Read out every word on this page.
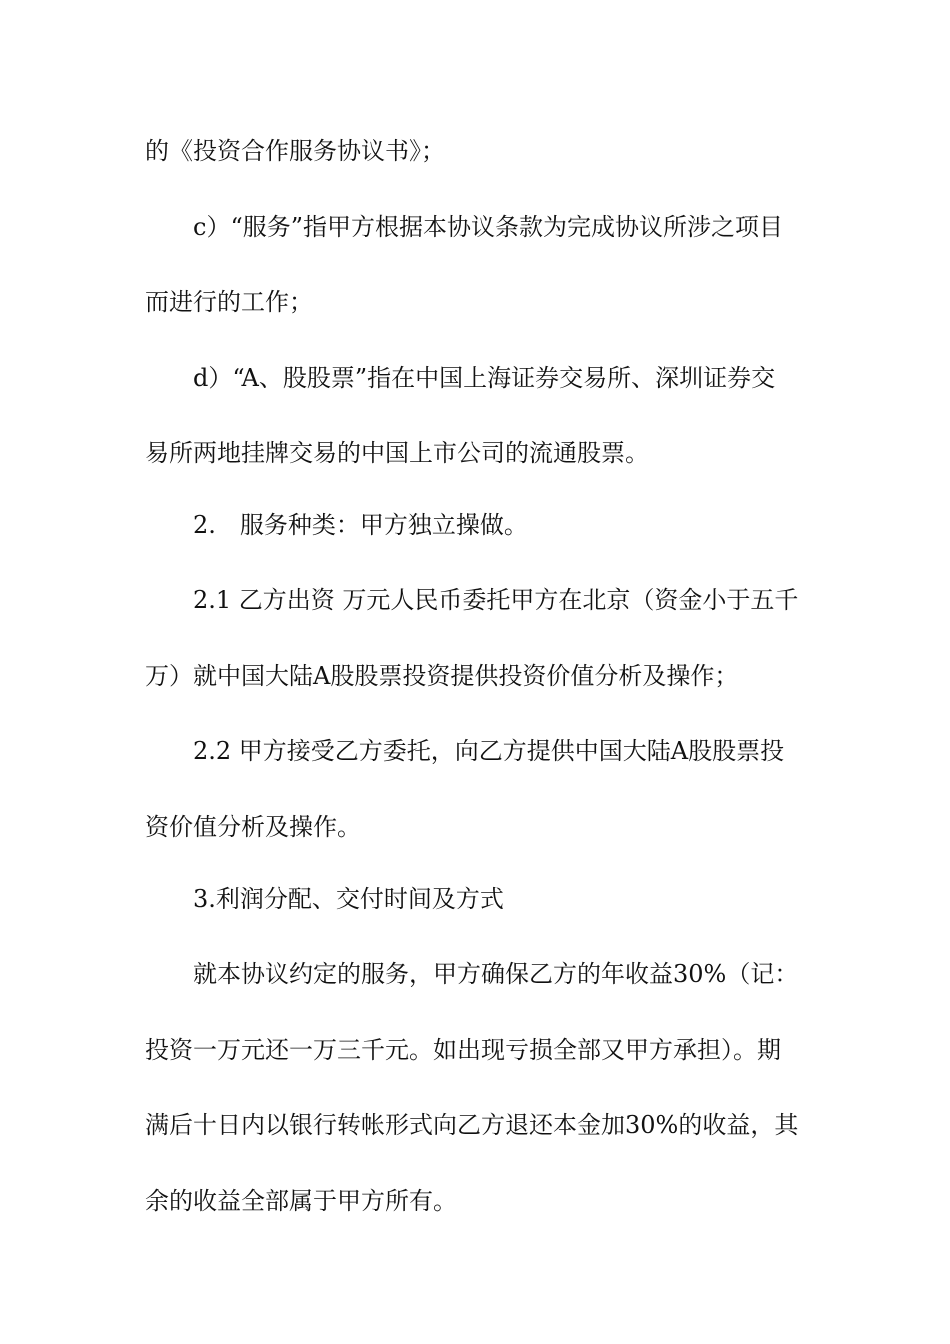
的《投资合作服务协议书》；
c）“服务”指甲方根据本协议条款为完成协议所涉之项目
而进行的工作；
d）“A、股股票”指在中国上海证券交易所、深圳证券交
易所两地挂牌交易的中国上市公司的流通股票。
2.　服务种类：甲方独立操做。
2.1 乙方出资 万元人民币委托甲方在北京（资金小于五千
万）就中国大陆A股股票投资提供投资价值分析及操作；
2.2 甲方接受乙方委托，向乙方提供中国大陆A股股票投
资价值分析及操作。
3.利润分配、交付时间及方式
就本协议约定的服务，甲方确保乙方的年收益30%（记：
投资一万元还一万三千元。如出现亏损全部又甲方承担）。期
满后十日内以银行转帐形式向乙方退还本金加30%的收益，其
余的收益全部属于甲方所有。
